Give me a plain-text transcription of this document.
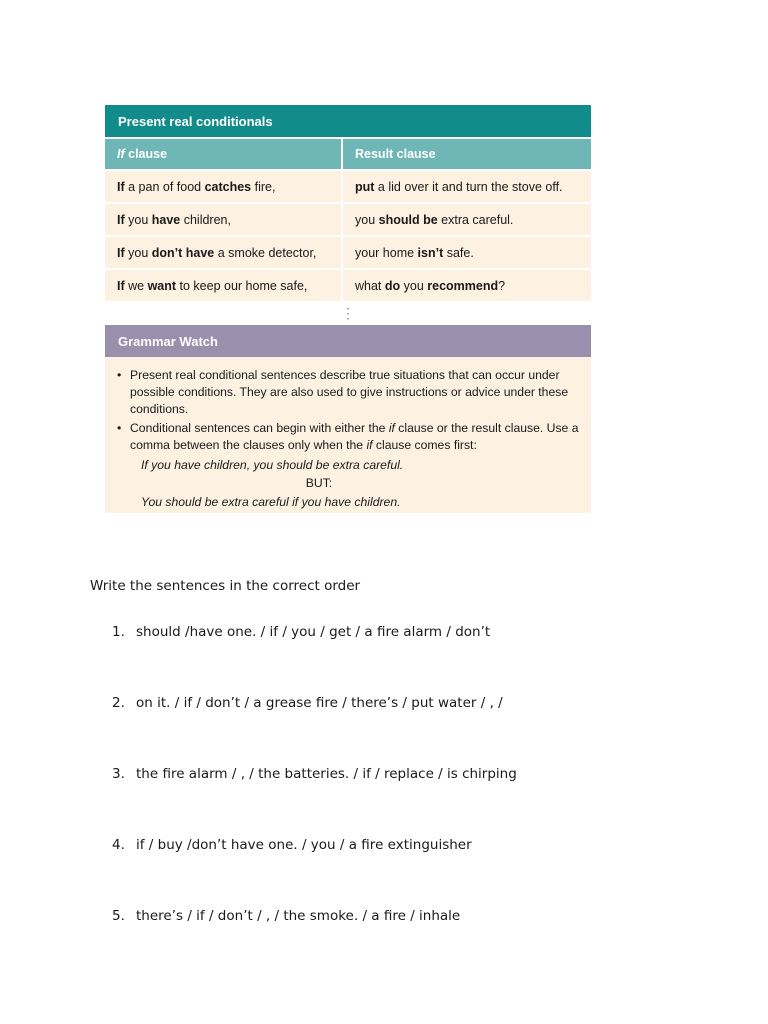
Present real conditionals
If clause	Result clause
If a pan of food catches fire,	put a lid over it and turn the stove off.
If you have children,	you should be extra careful.
If you don’t have a smoke detector,	your home isn’t safe.
If we want to keep our home safe,	what do you recommend?
⋮
Grammar Watch
• Present real conditional sentences describe true situations that can occur under possible conditions. They are also used to give instructions or advice under these conditions.
• Conditional sentences can begin with either the if clause or the result clause. Use a comma between the clauses only when the if clause comes first:
If you have children, you should be extra careful.
BUT:
You should be extra careful if you have children.
Write the sentences in the correct order
1. should /have one. / if / you / get / a fire alarm / don’t
2. on it. / if / don’t / a grease fire / there’s / put water / , /
3. the fire alarm / , / the batteries. / if / replace / is chirping
4. if / buy /don’t have one. / you / a fire extinguisher
5. there’s / if / don’t / , / the smoke. / a fire / inhale
